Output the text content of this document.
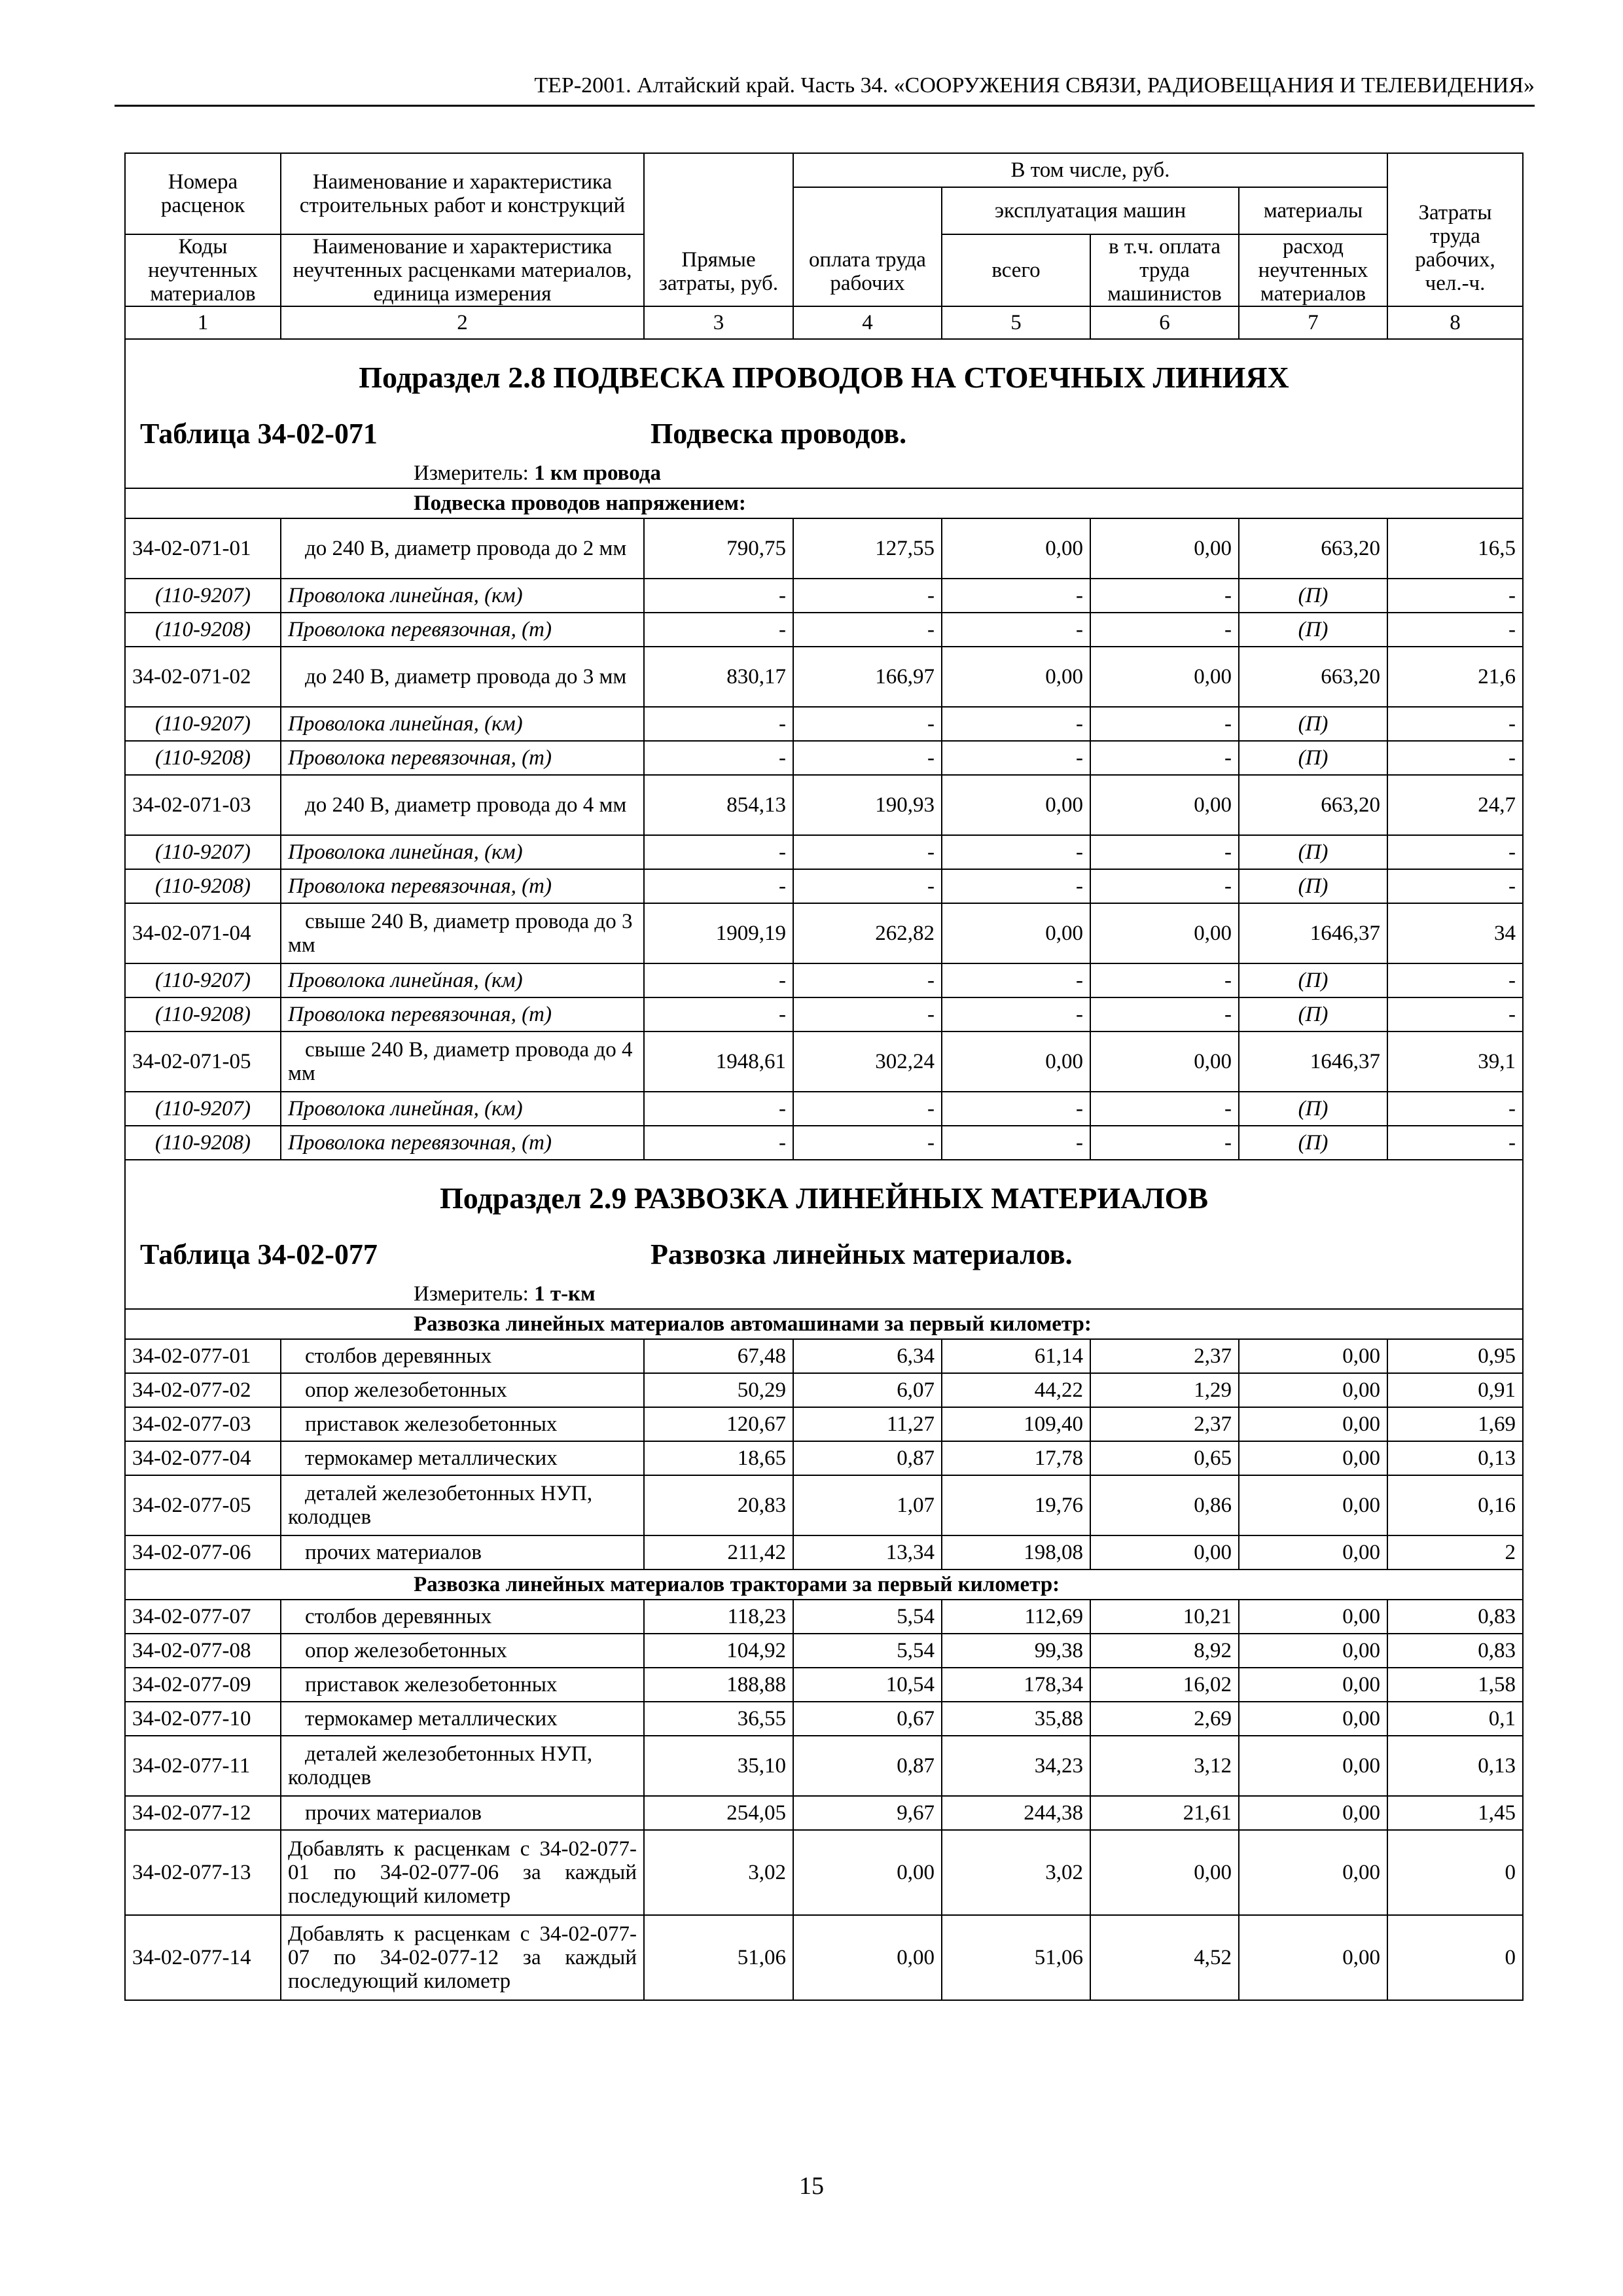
ТЕР-2001. Алтайский край. Часть 34. «СООРУЖЕНИЯ СВЯЗИ, РАДИОВЕЩАНИЯ И ТЕЛЕВИДЕНИЯ»
Номера расценок	Наименование и характеристика строительных работ и конструкций	Прямые затраты, руб.	В том числе, руб.				Затраты труда рабочих, чел.-ч.
			оплата труда рабочих	эксплуатация машин		материалы	
Коды неучтенных материалов	Наименование и характеристика неучтенных расценками материалов, единица измерения			всего	в т.ч. оплата труда машинистов	расход неучтенных материалов	
1	2	3	4	5	6	7	8
Подраздел 2.8 ПОДВЕСКА ПРОВОДОВ НА СТОЕЧНЫХ ЛИНИЯХ							
Таблица 34-02-071 Подвеска проводов.							
Измеритель: 1 км провода							
Подвеска проводов напряжением:							
34-02-071-01	до 240 В, диаметр провода до 2 мм	790,75	127,55	0,00	0,00	663,20	16,5
(110-9207)	Проволока линейная, (км)	-	-	-	-	(П)	-
(110-9208)	Проволока перевязочная, (т)	-	-	-	-	(П)	-
34-02-071-02	до 240 В, диаметр провода до 3 мм	830,17	166,97	0,00	0,00	663,20	21,6
(110-9207)	Проволока линейная, (км)	-	-	-	-	(П)	-
(110-9208)	Проволока перевязочная, (т)	-	-	-	-	(П)	-
34-02-071-03	до 240 В, диаметр провода до 4 мм	854,13	190,93	0,00	0,00	663,20	24,7
(110-9207)	Проволока линейная, (км)	-	-	-	-	(П)	-
(110-9208)	Проволока перевязочная, (т)	-	-	-	-	(П)	-
34-02-071-04	свыше 240 В, диаметр провода до 3 мм	1909,19	262,82	0,00	0,00	1646,37	34
(110-9207)	Проволока линейная, (км)	-	-	-	-	(П)	-
(110-9208)	Проволока перевязочная, (т)	-	-	-	-	(П)	-
34-02-071-05	свыше 240 В, диаметр провода до 4 мм	1948,61	302,24	0,00	0,00	1646,37	39,1
(110-9207)	Проволока линейная, (км)	-	-	-	-	(П)	-
(110-9208)	Проволока перевязочная, (т)	-	-	-	-	(П)	-
Подраздел 2.9 РАЗВОЗКА ЛИНЕЙНЫХ МАТЕРИАЛОВ							
Таблица 34-02-077 Развозка линейных материалов.							
Измеритель: 1 т-км							
Развозка линейных материалов автомашинами за первый километр:							
34-02-077-01	столбов деревянных	67,48	6,34	61,14	2,37	0,00	0,95
34-02-077-02	опор железобетонных	50,29	6,07	44,22	1,29	0,00	0,91
34-02-077-03	приставок железобетонных	120,67	11,27	109,40	2,37	0,00	1,69
34-02-077-04	термокамер металлических	18,65	0,87	17,78	0,65	0,00	0,13
34-02-077-05	деталей железобетонных НУП, колодцев	20,83	1,07	19,76	0,86	0,00	0,16
34-02-077-06	прочих материалов	211,42	13,34	198,08	0,00	0,00	2
Развозка линейных материалов тракторами за первый километр:							
34-02-077-07	столбов деревянных	118,23	5,54	112,69	10,21	0,00	0,83
34-02-077-08	опор железобетонных	104,92	5,54	99,38	8,92	0,00	0,83
34-02-077-09	приставок железобетонных	188,88	10,54	178,34	16,02	0,00	1,58
34-02-077-10	термокамер металлических	36,55	0,67	35,88	2,69	0,00	0,1
34-02-077-11	деталей железобетонных НУП, колодцев	35,10	0,87	34,23	3,12	0,00	0,13
34-02-077-12	прочих материалов	254,05	9,67	244,38	21,61	0,00	1,45
34-02-077-13	Добавлять к расценкам с 34-02-077-01 по 34-02-077-06 за каждый последующий километр	3,02	0,00	3,02	0,00	0,00	0
34-02-077-14	Добавлять к расценкам с 34-02-077-07 по 34-02-077-12 за каждый последующий километр	51,06	0,00	51,06	4,52	0,00	0
15
